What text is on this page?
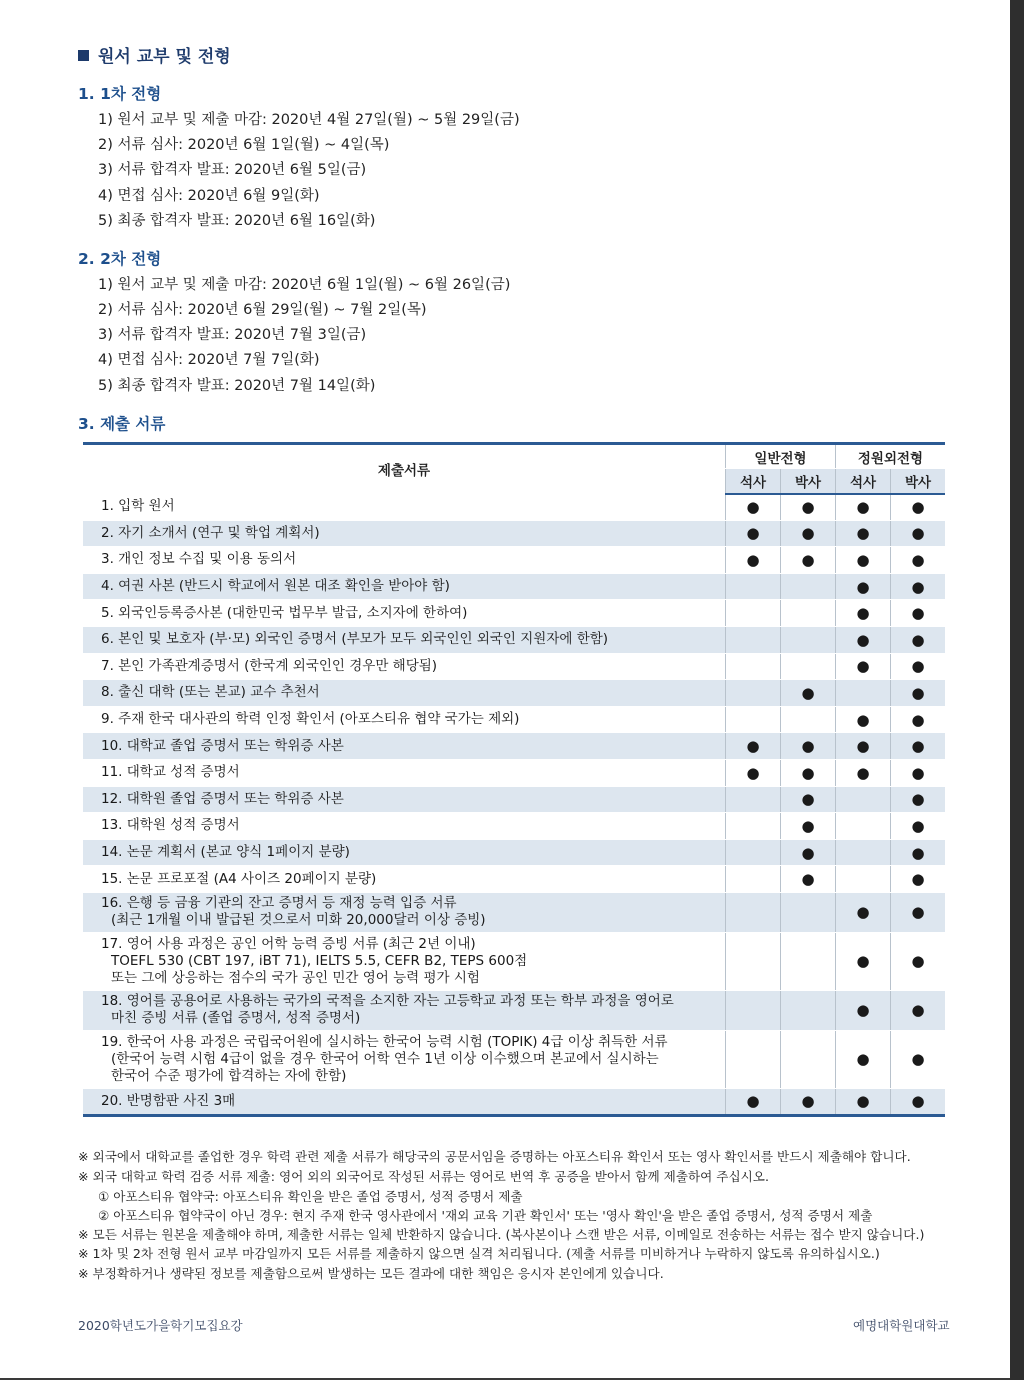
원서 교부 및 전형
1. 1차 전형
1) 원서 교부 및 제출 마감: 2020년 4월 27일(월) ~ 5월 29일(금)
2) 서류 심사: 2020년 6월 1일(월) ~ 4일(목)
3) 서류 합격자 발표: 2020년 6월 5일(금)
4) 면접 심사: 2020년 6월 9일(화)
5) 최종 합격자 발표: 2020년 6월 16일(화)
2. 2차 전형
1) 원서 교부 및 제출 마감: 2020년 6월 1일(월) ~ 6월 26일(금)
2) 서류 심사: 2020년 6월 29일(월) ~ 7월 2일(목)
3) 서류 합격자 발표: 2020년 7월 3일(금)
4) 면접 심사: 2020년 7월 7일(화)
5) 최종 합격자 발표: 2020년 7월 14일(화)
3. 제출 서류
제출서류	일반전형		정원외전형	
	석사	박사	석사	박사

1. 입학 원서	●	●	●	●

2. 자기 소개서 (연구 및 학업 계획서)	●	●	●	●

3. 개인 정보 수집 및 이용 동의서	●	●	●	●

4. 여권 사본 (반드시 학교에서 원본 대조 확인을 받아야 함)			●	●

5. 외국인등록증사본 (대한민국 법무부 발급, 소지자에 한하여)			●	●

6. 본인 및 보호자 (부·모) 외국인 증명서 (부모가 모두 외국인인 외국인 지원자에 한함)			●	●

7. 본인 가족관계증명서 (한국계 외국인인 경우만 해당됨)			●	●

8. 출신 대학 (또는 본교) 교수 추천서		●		●

9. 주재 한국 대사관의 학력 인정 확인서 (아포스티유 협약 국가는 제외)			●	●

10. 대학교 졸업 증명서 또는 학위증 사본	●	●	●	●

11. 대학교 성적 증명서	●	●	●	●

12. 대학원 졸업 증명서 또는 학위증 사본		●		●

13. 대학원 성적 증명서		●		●

14. 논문 계획서 (본교 양식 1페이지 분량)		●		●

15. 논문 프로포절 (A4 사이즈 20페이지 분량)		●		●

16. 은행 등 금융 기관의 잔고 증명서 등 재정 능력 입증 서류
(최근 1개월 이내 발급된 것으로서 미화 20,000달러 이상 증빙)			●	●

17. 영어 사용 과정은 공인 어학 능력 증빙 서류 (최근 2년 이내)
TOEFL 530 (CBT 197, iBT 71), IELTS 5.5, CEFR B2, TEPS 600점
또는 그에 상응하는 점수의 국가 공인 민간 영어 능력 평가 시험			●	●

18. 영어를 공용어로 사용하는 국가의 국적을 소지한 자는 고등학교 과정 또는 학부 과정을 영어로
마친 증빙 서류 (졸업 증명서, 성적 증명서)			●	●

19. 한국어 사용 과정은 국립국어원에 실시하는 한국어 능력 시험 (TOPIK) 4급 이상 취득한 서류
(한국어 능력 시험 4급이 없을 경우 한국어 어학 연수 1년 이상 이수했으며 본교에서 실시하는
한국어 수준 평가에 합격하는 자에 한함)			●	●

20. 반명함판 사진 3매	●	●	●	●
※ 외국에서 대학교를 졸업한 경우 학력 관련 제출 서류가 해당국의 공문서임을 증명하는 아포스티유 확인서 또는 영사 확인서를 반드시 제출해야 합니다.
※ 외국 대학교 학력 검증 서류 제출: 영어 외의 외국어로 작성된 서류는 영어로 번역 후 공증을 받아서 함께 제출하여 주십시오.
① 아포스티유 협약국: 아포스티유 확인을 받은 졸업 증명서, 성적 증명서 제출
② 아포스티유 협약국이 아닌 경우: 현지 주재 한국 영사관에서 '재외 교육 기관 확인서' 또는 '영사 확인'을 받은 졸업 증명서, 성적 증명서 제출
※ 모든 서류는 원본을 제출해야 하며, 제출한 서류는 일체 반환하지 않습니다. (복사본이나 스캔 받은 서류, 이메일로 전송하는 서류는 접수 받지 않습니다.)
※ 1차 및 2차 전형 원서 교부 마감일까지 모든 서류를 제출하지 않으면 실격 처리됩니다. (제출 서류를 미비하거나 누락하지 않도록 유의하십시오.)
※ 부정확하거나 생략된 정보를 제출함으로써 발생하는 모든 결과에 대한 책임은 응시자 본인에게 있습니다.
2020학년도가을학기모집요강	예명대학원대학교
